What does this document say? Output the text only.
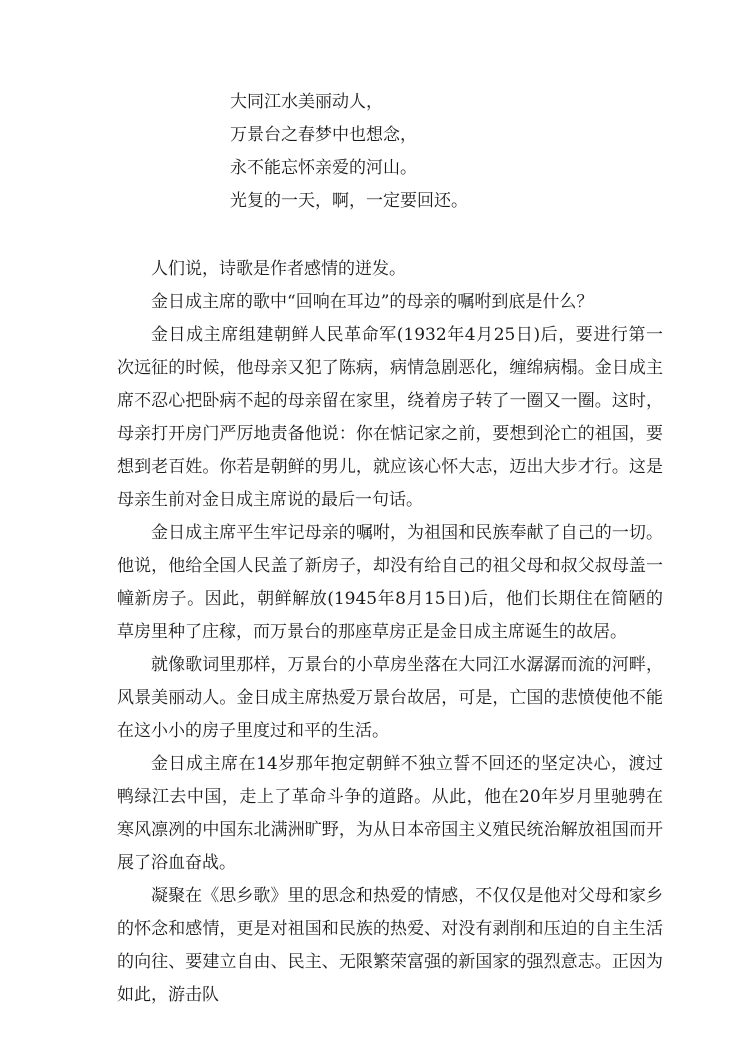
大同江水美丽动人，
万景台之春梦中也想念，
永不能忘怀亲爱的河山。
光复的一天，啊，一定要回还。

人们说，诗歌是作者感情的迸发。

金日成主席的歌中“回响在耳边”的母亲的嘱咐到底是什么？

金日成主席组建朝鲜人民革命军(1932年4月25日)后，要进行第一次远征的时候，他母亲又犯了陈病，病情急剧恶化，缠绵病榻。金日成主席不忍心把卧病不起的母亲留在家里，绕着房子转了一圈又一圈。这时，母亲打开房门严厉地责备他说：你在惦记家之前，要想到沦亡的祖国，要想到老百姓。你若是朝鲜的男儿，就应该心怀大志，迈出大步才行。这是母亲生前对金日成主席说的最后一句话。

金日成主席平生牢记母亲的嘱咐，为祖国和民族奉献了自己的一切。他说，他给全国人民盖了新房子，却没有给自己的祖父母和叔父叔母盖一幢新房子。因此，朝鲜解放(1945年8月15日)后，他们长期住在简陋的草房里种了庄稼，而万景台的那座草房正是金日成主席诞生的故居。

就像歌词里那样，万景台的小草房坐落在大同江水潺潺而流的河畔，风景美丽动人。金日成主席热爱万景台故居，可是，亡国的悲愤使他不能在这小小的房子里度过和平的生活。

金日成主席在14岁那年抱定朝鲜不独立誓不回还的坚定决心，渡过鸭绿江去中国，走上了革命斗争的道路。从此，他在20年岁月里驰骋在寒风凛冽的中国东北满洲旷野，为从日本帝国主义殖民统治解放祖国而开展了浴血奋战。

凝聚在《思乡歌》里的思念和热爱的情感，不仅仅是他对父母和家乡的怀念和感情，更是对祖国和民族的热爱、对没有剥削和压迫的自主生活的向往、要建立自由、民主、无限繁荣富强的新国家的强烈意志。正因为如此，游击队
